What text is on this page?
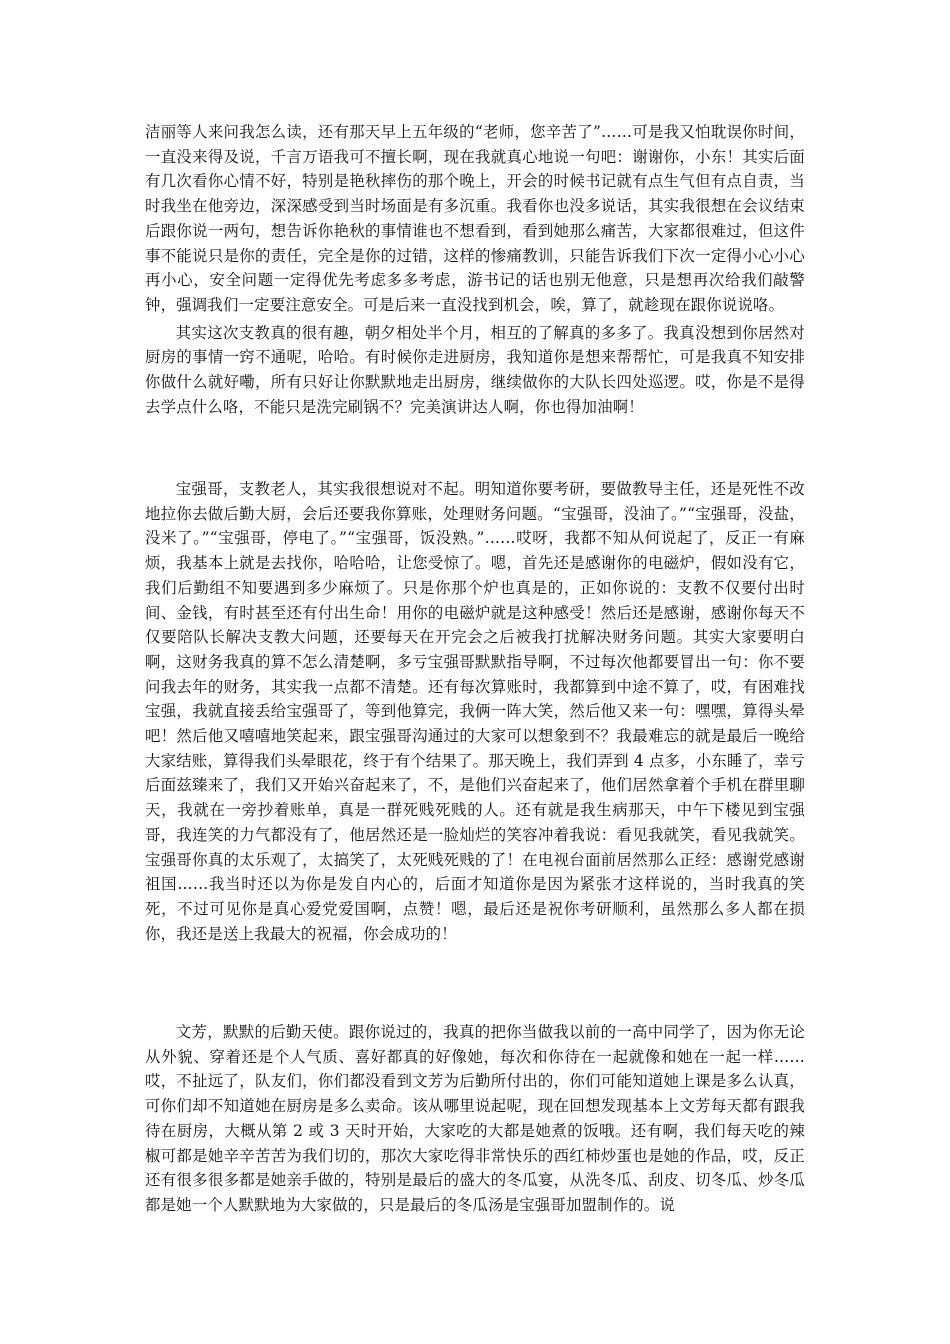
洁丽等人来问我怎么读，还有那天早上五年级的“老师，您辛苦了”……可是我又怕耽误你时间，一直没来得及说，千言万语我可不擅长啊，现在我就真心地说一句吧：谢谢你，小东！其实后面有几次看你心情不好，特别是艳秋摔伤的那个晚上，开会的时候书记就有点生气但有点自责，当时我坐在他旁边，深深感受到当时场面是有多沉重。我看你也没多说话，其实我很想在会议结束后跟你说一两句，想告诉你艳秋的事情谁也不想看到，看到她那么痛苦，大家都很难过，但这件事不能说只是你的责任，完全是你的过错，这样的惨痛教训，只能告诉我们下次一定得小心小心再小心，安全问题一定得优先考虑多多考虑，游书记的话也别无他意，只是想再次给我们敲警钟，强调我们一定要注意安全。可是后来一直没找到机会，唉，算了，就趁现在跟你说说咯。

其实这次支教真的很有趣，朝夕相处半个月，相互的了解真的多多了。我真没想到你居然对厨房的事情一窍不通呢，哈哈。有时候你走进厨房，我知道你是想来帮帮忙，可是我真不知安排你做什么就好嘞，所有只好让你默默地走出厨房，继续做你的大队长四处巡逻。哎，你是不是得去学点什么咯，不能只是洗完刷锅不？完美演讲达人啊，你也得加油啊！

宝强哥，支教老人，其实我很想说对不起。明知道你要考研，要做教导主任，还是死性不改地拉你去做后勤大厨，会后还要我你算账，处理财务问题。“宝强哥，没油了。”“宝强哥，没盐，没米了。”“宝强哥，停电了。”“宝强哥，饭没熟。”……哎呀，我都不知从何说起了，反正一有麻烦，我基本上就是去找你，哈哈哈，让您受惊了。嗯，首先还是感谢你的电磁炉，假如没有它，我们后勤组不知要遇到多少麻烦了。只是你那个炉也真是的，正如你说的：支教不仅要付出时间、金钱，有时甚至还有付出生命！用你的电磁炉就是这种感受！然后还是感谢，感谢你每天不仅要陪队长解决支教大问题，还要每天在开完会之后被我打扰解决财务问题。其实大家要明白啊，这财务我真的算不怎么清楚啊，多亏宝强哥默默指导啊，不过每次他都要冒出一句：你不要问我去年的财务，其实我一点都不清楚。还有每次算账时，我都算到中途不算了，哎，有困难找宝强，我就直接丢给宝强哥了，等到他算完，我俩一阵大笑，然后他又来一句：嘿嘿，算得头晕吧！然后他又嘻嘻地笑起来，跟宝强哥沟通过的大家可以想象到不？我最难忘的就是最后一晚给大家结账，算得我们头晕眼花，终于有个结果了。那天晚上，我们弄到 4 点多，小东睡了，幸亏后面兹臻来了，我们又开始兴奋起来了，不，是他们兴奋起来了，他们居然拿着个手机在群里聊天，我就在一旁抄着账单，真是一群死贱死贱的人。还有就是我生病那天，中午下楼见到宝强哥，我连笑的力气都没有了，他居然还是一脸灿烂的笑容冲着我说：看见我就笑，看见我就笑。宝强哥你真的太乐观了，太搞笑了，太死贱死贱的了！在电视台面前居然那么正经：感谢党感谢祖国……我当时还以为你是发自内心的，后面才知道你是因为紧张才这样说的，当时我真的笑死，不过可见你是真心爱党爱国啊，点赞！嗯，最后还是祝你考研顺利，虽然那么多人都在损你，我还是送上我最大的祝福，你会成功的！

文芳，默默的后勤天使。跟你说过的，我真的把你当做我以前的一高中同学了，因为你无论从外貌、穿着还是个人气质、喜好都真的好像她，每次和你待在一起就像和她在一起一样……哎，不扯远了，队友们，你们都没看到文芳为后勤所付出的，你们可能知道她上课是多么认真，可你们却不知道她在厨房是多么卖命。该从哪里说起呢，现在回想发现基本上文芳每天都有跟我待在厨房，大概从第 2 或 3 天时开始，大家吃的大都是她煮的饭哦。还有啊，我们每天吃的辣椒可都是她辛辛苦苦为我们切的，那次大家吃得非常快乐的西红柿炒蛋也是她的作品，哎，反正还有很多很多都是她亲手做的，特别是最后的盛大的冬瓜宴，从洗冬瓜、刮皮、切冬瓜、炒冬瓜都是她一个人默默地为大家做的，只是最后的冬瓜汤是宝强哥加盟制作的。说
